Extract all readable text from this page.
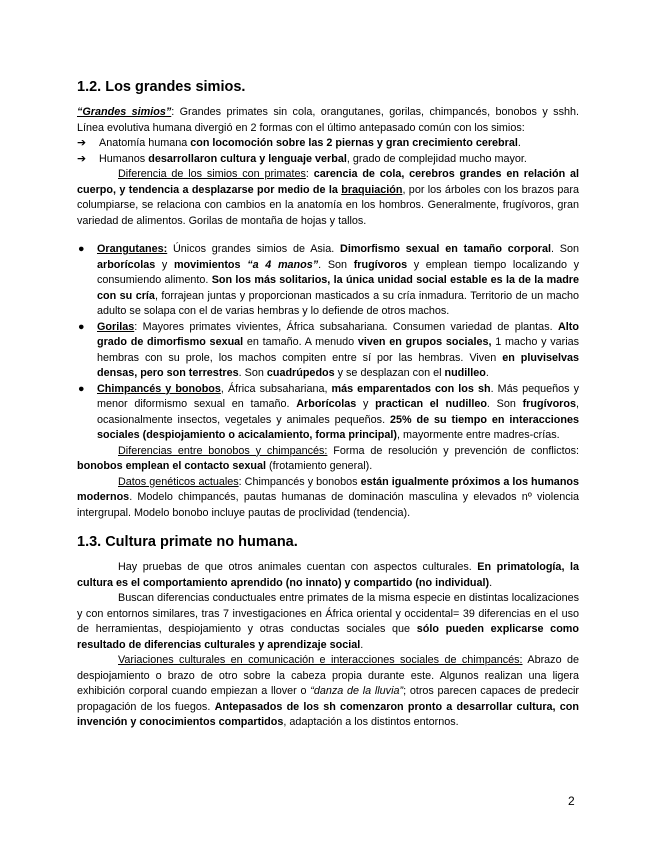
1.2. Los grandes simios.

“Grandes simios”: Grandes primates sin cola, orangutanes, gorilas, chimpancés, bonobos y sshh. Línea evolutiva humana divergió en 2 formas con el último antepasado común con los simios:

➔	Anatomía humana con locomoción sobre las 2 piernas y gran crecimiento cerebral.
➔	Humanos desarrollaron cultura y lenguaje verbal, grado de complejidad mucho mayor.

Diferencia de los simios con primates: carencia de cola, cerebros grandes en relación al cuerpo, y tendencia a desplazarse por medio de la braquiación, por los árboles con los brazos para columpiarse, se relaciona con cambios en la anatomía en los hombros. Generalmente, frugívoros, gran variedad de alimentos. Gorilas de montaña de hojas y tallos.

● Orangutanes: Únicos grandes simios de Asia. Dimorfismo sexual en tamaño corporal. Son arborícolas y movimientos “a 4 manos”. Son frugívoros y emplean tiempo localizando y consumiendo alimento. Son los más solitarios, la única unidad social estable es la de la madre con su cría, forrajean juntas y proporcionan masticados a su cría inmadura. Territorio de un macho adulto se solapa con el de varias hembras y lo defiende de otros machos.
● Gorilas: Mayores primates vivientes, África subsahariana. Consumen variedad de plantas. Alto grado de dimorfismo sexual en tamaño. A menudo viven en grupos sociales, 1 macho y varias hembras con su prole, los machos compiten entre sí por las hembras. Viven en pluviselvas densas, pero son terrestres. Son cuadrúpedos y se desplazan con el nudilleo.
● Chimpancés y bonobos, África subsahariana, más emparentados con los sh. Más pequeños y menor diformismo sexual en tamaño. Arborícolas y practican el nudilleo. Son frugívoros, ocasionalmente insectos, vegetales y animales pequeños. 25% de su tiempo en interacciones sociales (despiojamiento o acicalamiento, forma principal), mayormente entre madres-crías.

Diferencias entre bonobos y chimpancés: Forma de resolución y prevención de conflictos: bonobos emplean el contacto sexual (frotamiento general).

Datos genéticos actuales: Chimpancés y bonobos están igualmente próximos a los humanos modernos. Modelo chimpancés, pautas humanas de dominación masculina y elevados nº violencia intergrupal. Modelo bonobo incluye pautas de proclividad (tendencia).

1.3. Cultura primate no humana.

Hay pruebas de que otros animales cuentan con aspectos culturales. En primatología, la cultura es el comportamiento aprendido (no innato) y compartido (no individual).

Buscan diferencias conductuales entre primates de la misma especie en distintas localizaciones y con entornos similares, tras 7 investigaciones en África oriental y occidental= 39 diferencias en el uso de herramientas, despiojamiento y otras conductas sociales que sólo pueden explicarse como resultado de diferencias culturales y aprendizaje social.

Variaciones culturales en comunicación e interacciones sociales de chimpancés: Abrazo de despiojamiento o brazo de otro sobre la cabeza propia durante este. Algunos realizan una ligera exhibición corporal cuando empiezan a llover o “danza de la lluvia”; otros parecen capaces de predecir propagación de los fuegos. Antepasados de los sh comenzaron pronto a desarrollar cultura, con invención y conocimientos compartidos, adaptación a los distintos entornos.

2
